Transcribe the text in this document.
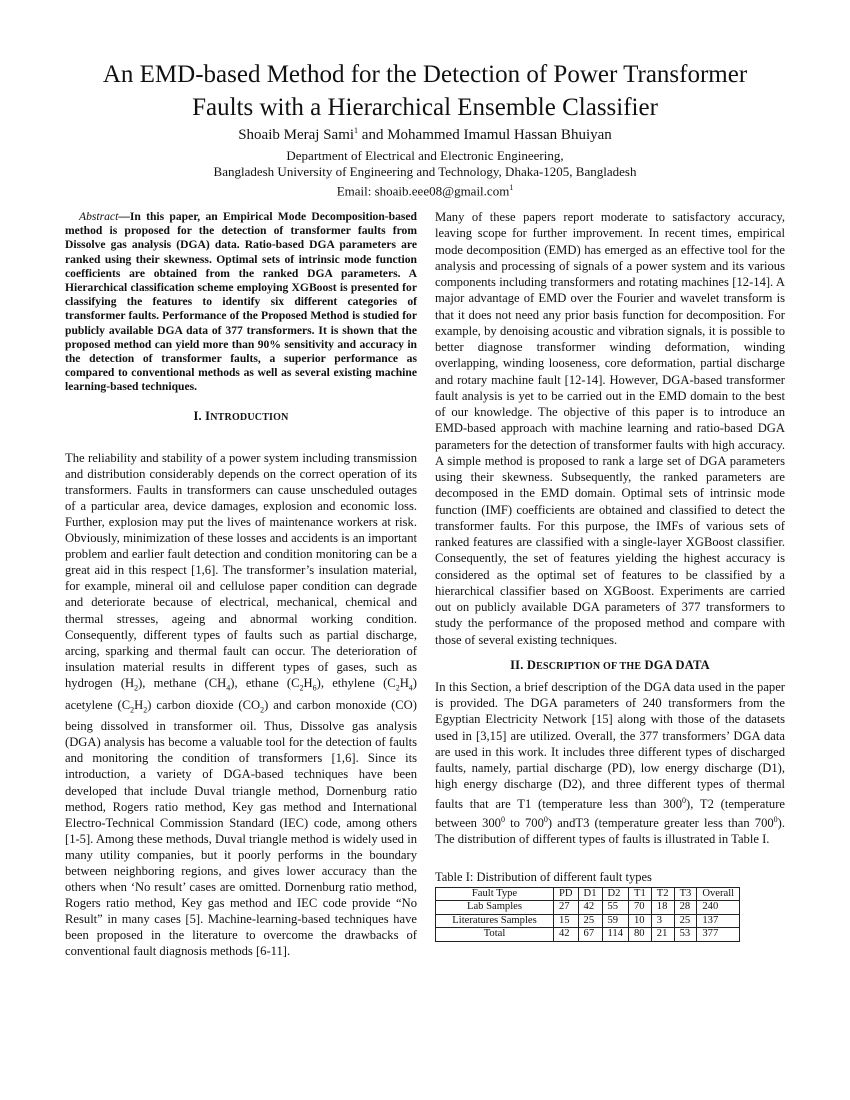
An EMD-based Method for the Detection of Power Transformer
Faults with a Hierarchical Ensemble Classifier
Shoaib Meraj Sami$^1$ and Mohammed Imamul Hassan Bhuiyan
Department of Electrical and Electronic Engineering,
Bangladesh University of Engineering and Technology, Dhaka-1205, Bangladesh
Email: shoaib.eee08@gmail.com$^1$

Abstract—In this paper, an Empirical Mode Decomposition-based method is proposed for the detection of transformer faults from Dissolve gas analysis (DGA) data. Ratio-based DGA parameters are ranked using their skewness. Optimal sets of intrinsic mode function coefficients are obtained from the ranked DGA parameters. A Hierarchical classification scheme employing XGBoost is presented for classifying the features to identify six different categories of transformer faults. Performance of the Proposed Method is studied for publicly available DGA data of 377 transformers. It is shown that the proposed method can yield more than 90% sensitivity and accuracy in the detection of transformer faults, a superior performance as compared to conventional methods as well as several existing machine learning-based techniques.

I. INTRODUCTION

The reliability and stability of a power system including transmission and distribution considerably depends on the correct operation of its transformers. Faults in transformers can cause unscheduled outages of a particular area, device damages, explosion and economic loss. Further, explosion may put the lives of maintenance workers at risk. Obviously, minimization of these losses and accidents is an important problem and earlier fault detection and condition monitoring can be a great aid in this respect [1,6]. The transformer’s insulation material, for example, mineral oil and cellulose paper condition can degrade and deteriorate because of electrical, mechanical, chemical and thermal stresses, ageing and abnormal working condition. Consequently, different types of faults such as partial discharge, arcing, sparking and thermal fault can occur. The deterioration of insulation material results in different types of gases, such as hydrogen $(H_2)$, methane $(CH_4)$, ethane $(C_2H_6)$, ethylene $(C_2H_4)$ acetylene $(C_2H_2)$ carbon dioxide $(CO_2)$ and carbon monoxide (CO) being dissolved in transformer oil. Thus, Dissolve gas analysis (DGA) analysis has become a valuable tool for the detection of faults and monitoring the condition of transformers [1,6]. Since its introduction, a variety of DGA-based techniques have been developed that include Duval triangle method, Dornenburg ratio method, Rogers ratio method, Key gas method and International Electro-Technical Commission Standard (IEC) code, among others [1-5]. Among these methods, Duval triangle method is widely used in many utility companies, but it poorly performs in the boundary between neighboring regions, and gives lower accuracy than the others when ‘No result’ cases are omitted. Dornenburg ratio method, Rogers ratio method, Key gas method and IEC code provide “No Result” in many cases [5]. Machine-learning-based techniques have been proposed in the literature to overcome the drawbacks of conventional fault diagnosis methods [6-11].

Many of these papers report moderate to satisfactory accuracy, leaving scope for further improvement. In recent times, empirical mode decomposition (EMD) has emerged as an effective tool for the analysis and processing of signals of a power system and its various components including transformers and rotating machines [12-14]. A major advantage of EMD over the Fourier and wavelet transform is that it does not need any prior basis function for decomposition. For example, by denoising acoustic and vibration signals, it is possible to better diagnose transformer winding deformation, winding overlapping, winding looseness, core deformation, partial discharge and rotary machine fault [12-14]. However, DGA-based transformer fault analysis is yet to be carried out in the EMD domain to the best of our knowledge. The objective of this paper is to introduce an EMD-based approach with machine learning and ratio-based DGA parameters for the detection of transformer faults with high accuracy. A simple method is proposed to rank a large set of DGA parameters using their skewness. Subsequently, the ranked parameters are decomposed in the EMD domain. Optimal sets of intrinsic mode function (IMF) coefficients are obtained and classified to detect the transformer faults. For this purpose, the IMFs of various sets of ranked features are classified with a single-layer XGBoost classifier. Consequently, the set of features yielding the highest accuracy is considered as the optimal set of features to be classified by a hierarchical classifier based on XGBoost. Experiments are carried out on publicly available DGA parameters of 377 transformers to study the performance of the proposed method and compare with those of several existing techniques.

II. DESCRIPTION OF THE DGA DATA

In this Section, a brief description of the DGA data used in the paper is provided. The DGA parameters of 240 transformers from the Egyptian Electricity Network [15] along with those of the datasets used in [3,15] are utilized. Overall, the 377 transformers’ DGA data are used in this work. It includes three different types of discharged faults, namely, partial discharge (PD), low energy discharge (D1), high energy discharge (D2), and three different types of thermal faults that are T1 (temperature less than $300^0$), T2 (temperature between $300^0$ to $700^0$) andT3 (temperature greater less than $700^0$). The distribution of different types of faults is illustrated in Table I.

Table I: Distribution of different fault types
Fault Type	PD	D1	D2	T1	T2	T3	Overall
Lab Samples	27	42	55	70	18	28	240
Literatures Samples	15	25	59	10	3	25	137
Total	42	67	114	80	21	53	377
